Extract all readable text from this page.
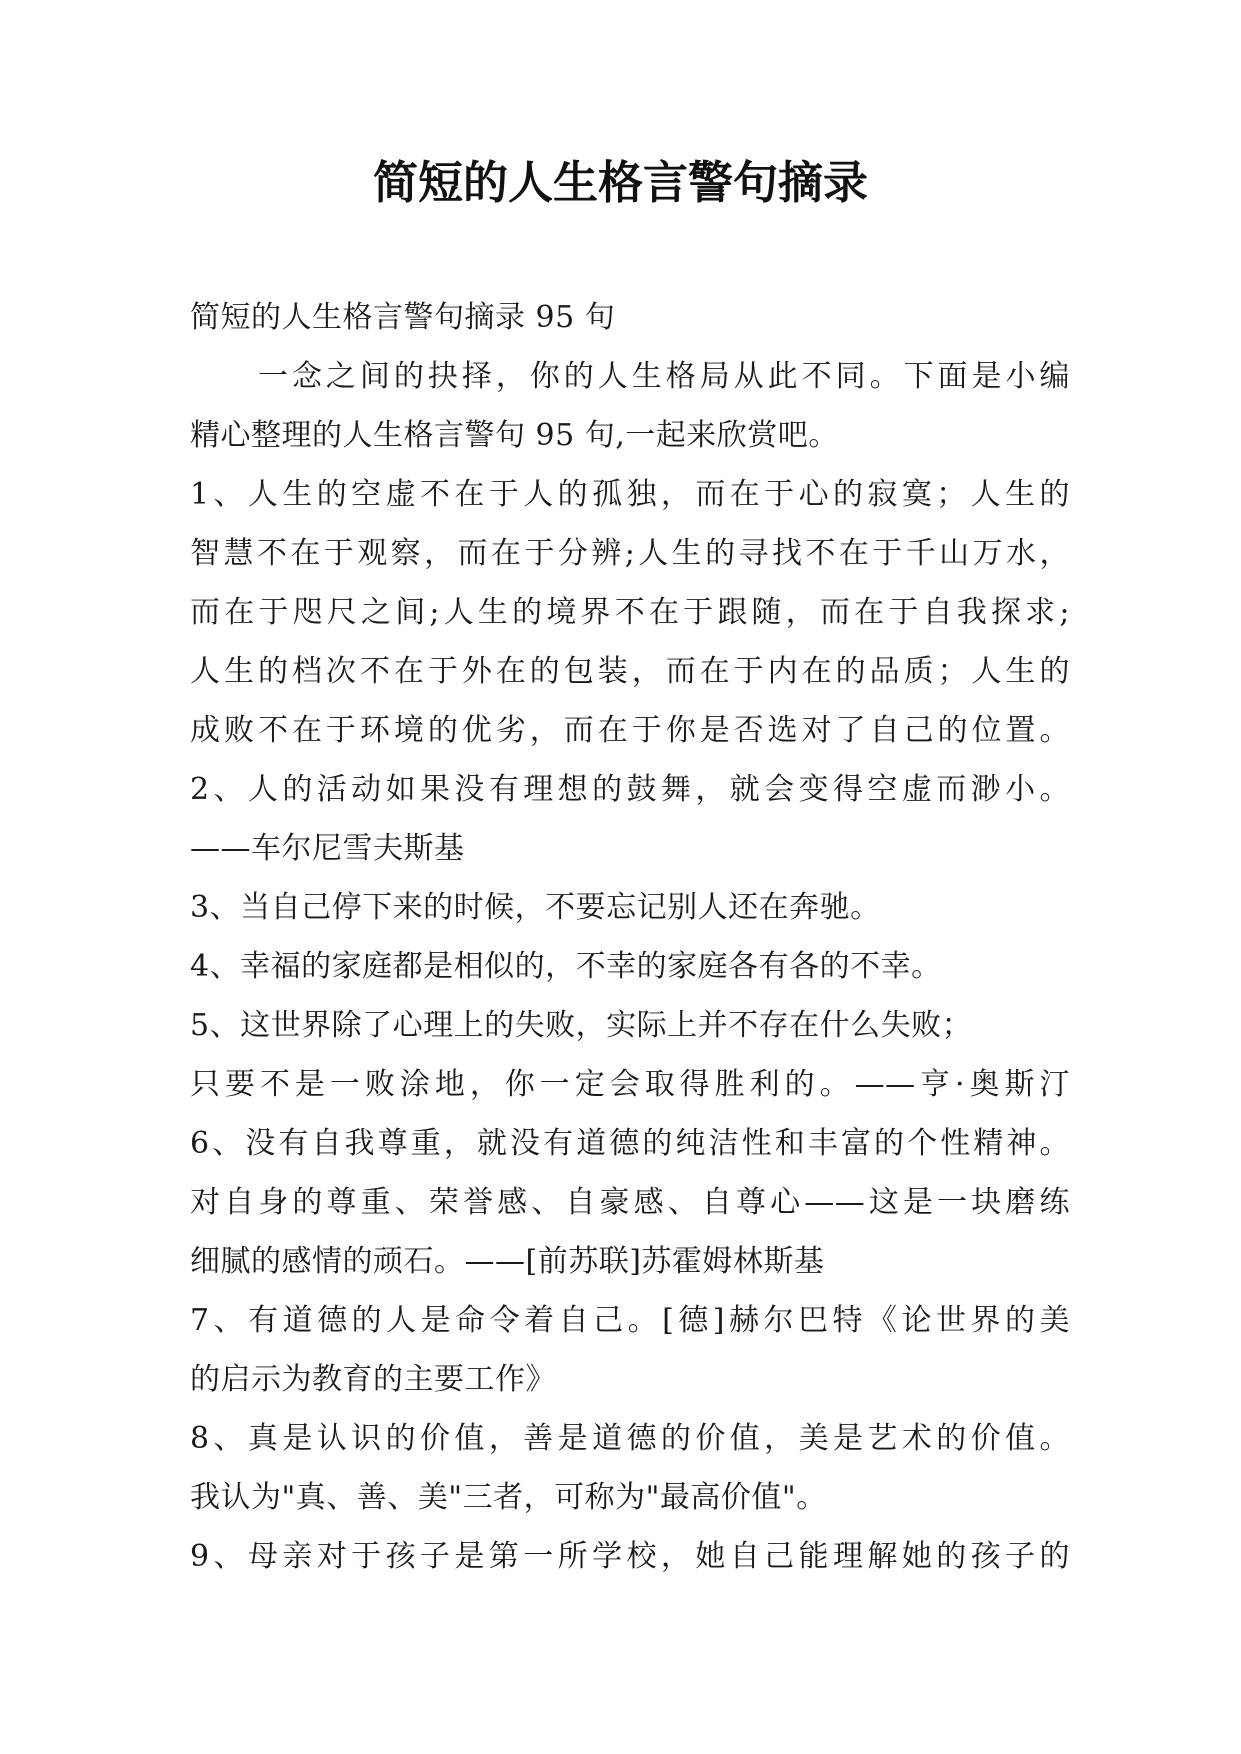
简短的人生格言警句摘录
简短的人生格言警句摘录 95 句
　　一念之间的抉择，你的人生格局从此不同。下面是小编
精心整理的人生格言警句 95 句,一起来欣赏吧。
1、人生的空虚不在于人的孤独，而在于心的寂寞；人生的
智慧不在于观察，而在于分辨;人生的寻找不在于千山万水，
而在于咫尺之间;人生的境界不在于跟随，而在于自我探求;
人生的档次不在于外在的包装，而在于内在的品质；人生的
成败不在于环境的优劣，而在于你是否选对了自己的位置。
2、人的活动如果没有理想的鼓舞，就会变得空虚而渺小。
——车尔尼雪夫斯基
3、当自己停下来的时候，不要忘记别人还在奔驰。
4、幸福的家庭都是相似的，不幸的家庭各有各的不幸。
5、这世界除了心理上的失败，实际上并不存在什么失败；
只要不是一败涂地，你一定会取得胜利的。——亨·奥斯汀
6、没有自我尊重，就没有道德的纯洁性和丰富的个性精神。
对自身的尊重、荣誉感、自豪感、自尊心——这是一块磨练
细腻的感情的顽石。——[前苏联]苏霍姆林斯基
7、有道德的人是命令着自己。[德]赫尔巴特《论世界的美
的启示为教育的主要工作》
8、真是认识的价值，善是道德的价值，美是艺术的价值。
我认为"真、善、美"三者，可称为"最高价值"。
9、母亲对于孩子是第一所学校，她自己能理解她的孩子的
